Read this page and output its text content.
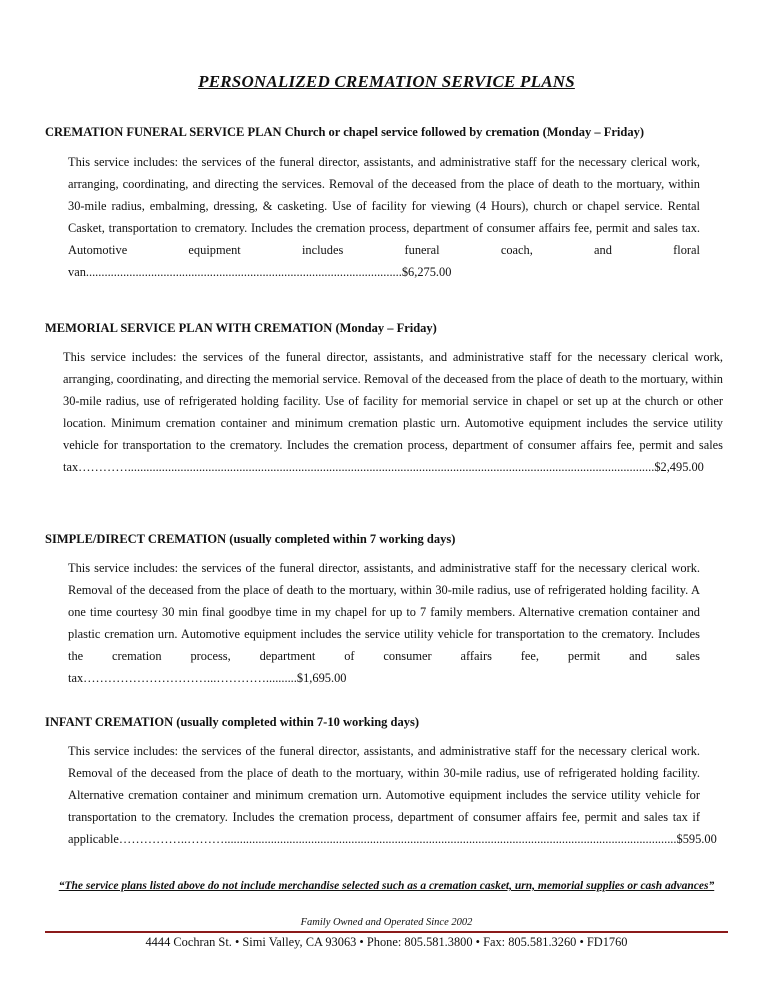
PERSONALIZED CREMATION SERVICE PLANS
CREMATION FUNERAL SERVICE PLAN Church or chapel service followed by cremation (Monday – Friday)
This service includes: the services of the funeral director, assistants, and administrative staff for the necessary clerical work, arranging, coordinating, and directing the services. Removal of the deceased from the place of death to the mortuary, within 30-mile radius, embalming, dressing, & casketing. Use of facility for viewing (4 Hours), church or chapel service. Rental Casket, transportation to crematory. Includes the cremation process, department of consumer affairs fee, permit and sales tax. Automotive equipment includes funeral coach, and floral van......................................................................................................$6,275.00
MEMORIAL SERVICE PLAN WITH CREMATION (Monday – Friday)
This service includes: the services of the funeral director, assistants, and administrative staff for the necessary clerical work, arranging, coordinating, and directing the memorial service. Removal of the deceased from the place of death to the mortuary, within 30-mile radius, use of refrigerated holding facility. Use of facility for memorial service in chapel or set up at the church or other location. Minimum cremation container and minimum cremation plastic urn. Automotive equipment includes the service utility vehicle for transportation to the crematory. Includes the cremation process, department of consumer affairs fee, permit and sales tax…………..........................................................................................................................................................................$2,495.00
SIMPLE/DIRECT CREMATION (usually completed within 7 working days)
This service includes: the services of the funeral director, assistants, and administrative staff for the necessary clerical work. Removal of the deceased from the place of death to the mortuary, within 30-mile radius, use of refrigerated holding facility. A one time courtesy 30 min final goodbye time in my chapel for up to 7 family members. Alternative cremation container and plastic cremation urn. Automotive equipment includes the service utility vehicle for transportation to the crematory. Includes the cremation process, department of consumer affairs fee, permit and sales tax…………………………...…………..........$1,695.00
INFANT CREMATION (usually completed within 7-10 working days)
This service includes: the services of the funeral director, assistants, and administrative staff for the necessary clerical work. Removal of the deceased from the place of death to the mortuary, within 30-mile radius, use of refrigerated holding facility. Alternative cremation container and minimum cremation urn. Automotive equipment includes the service utility vehicle for transportation to the crematory. Includes the cremation process, department of consumer affairs fee, permit and sales tax if applicable……………..………..................................................................................................................................................$595.00
“The service plans listed above do not include merchandise selected such as a cremation casket, urn, memorial supplies or cash advances”
Family Owned and Operated Since 2002
4444 Cochran St. • Simi Valley, CA 93063 • Phone: 805.581.3800 • Fax: 805.581.3260 • FD1760
